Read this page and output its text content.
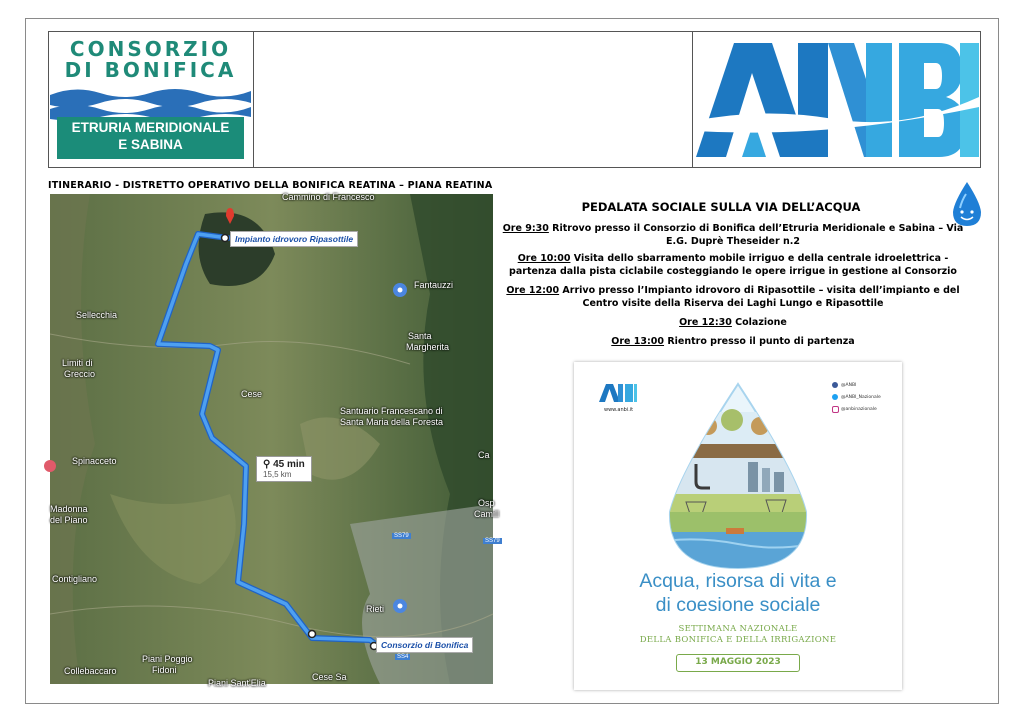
CONSORZIO
DI BONIFICA
ETRURIA MERIDIONALE
E SABINA
ITINERARIO - DISTRETTO OPERATIVO DELLA BONIFICA REATINA – PIANA REATINA
Cammino di Francesco
Fantauzzi
Sellecchia
Santa
Margherita
Limiti di
Greccio
Cese
Santuario Francescano di
Santa Maria della Foresta
Spinacceto
Madonna
del Piano
Contigliano
Rieti
Piani Poggio
Fidoni
Collebaccaro
Cese Sa
Piani Sant'Elia
Ca
Osp
Camill
SS79
SS79
SS4
Impianto idrovoro Ripasottile
Consorzio di Bonifica
⚲ 45 min
15,5 km
PEDALATA SOCIALE SULLA VIA DELL’ACQUA
Ore 9:30 Ritrovo presso il Consorzio di Bonifica dell’Etruria Meridionale e Sabina – Via E.G. Duprè Theseider n.2
Ore 10:00 Visita dello sbarramento mobile irriguo e della centrale idroelettrica - partenza dalla pista ciclabile costeggiando le opere irrigue in gestione al Consorzio
Ore 12:00 Arrivo presso l’Impianto idrovoro di Ripasottile – visita dell’impianto e del Centro visite della Riserva dei Laghi Lungo e Ripasottile
Ore 12:30 Colazione
Ore 13:00 Rientro presso il punto di partenza
www.anbi.it
@ANBI
@ANBI_Nazionale
@anbinazionale
Acqua, risorsa di vita e
di coesione sociale
SETTIMANA NAZIONALE
DELLA BONIFICA E DELLA IRRIGAZIONE
13 MAGGIO 2023
